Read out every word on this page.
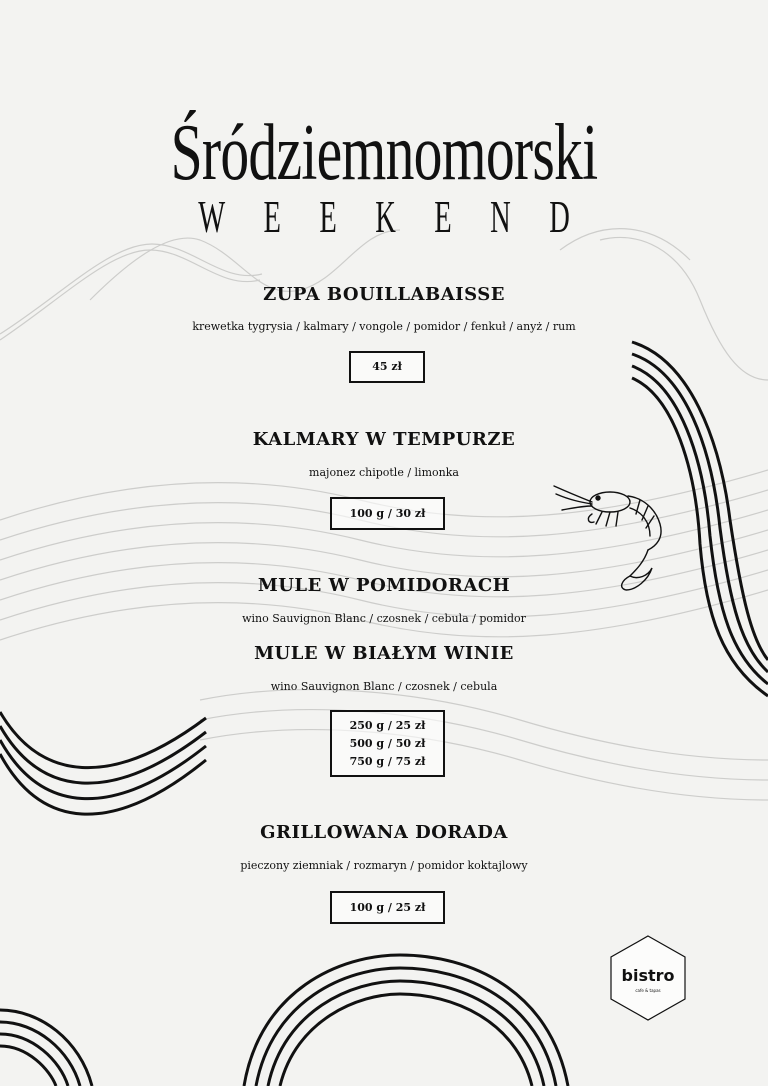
Śródziemnomorski
WEEKEND
ZUPA BOUILLABAISSE
krewetka tygrysia / kalmary / vongole / pomidor / fenkuł / anyż / rum
45 zł
KALMARY W TEMPURZE
majonez chipotle / limonka
100 g / 30 zł
MULE W POMIDORACH
wino Sauvignon Blanc / czosnek / cebula / pomidor
MULE W BIAŁYM WINIE
wino Sauvignon Blanc / czosnek / cebula
250 g / 25 zł
500 g / 50 zł
750 g / 75 zł
GRILLOWANA DORADA
pieczony ziemniak / rozmaryn / pomidor koktajlowy
100 g / 25 zł
bistro
cafe & tapas
